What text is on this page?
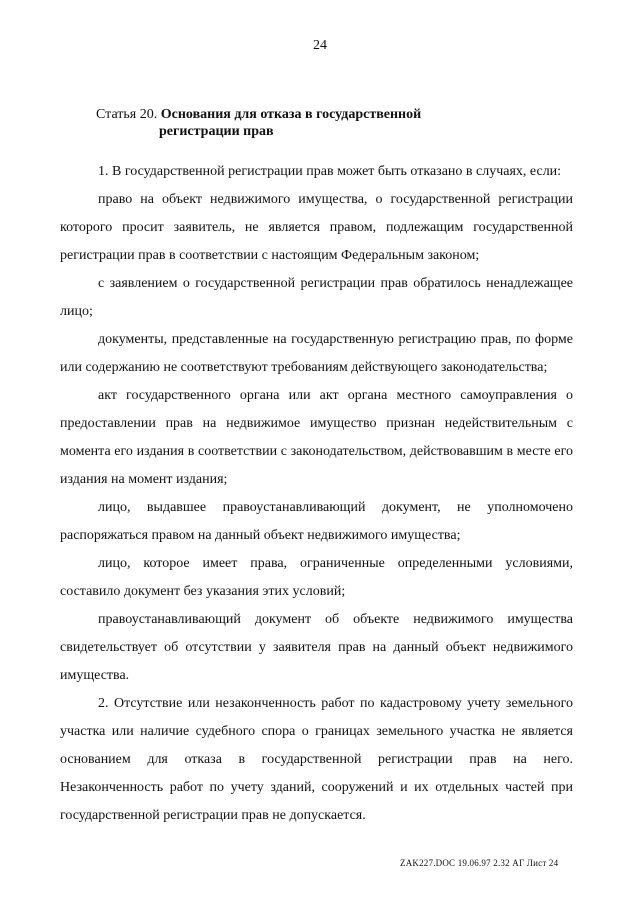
24
Статья 20. Основания для отказа в государственной
регистрации прав

1. В государственной регистрации прав может быть отказано в случаях, если:

право на объект недвижимого имущества, о государственной регистрации которого просит заявитель, не является правом, подлежащим государственной регистрации прав в соответствии с настоящим Федеральным законом;

с заявлением о государственной регистрации прав обратилось ненадлежащее лицо;

документы, представленные на государственную регистрацию прав, по форме или содержанию не соответствуют требованиям действующего законодательства;

акт государственного органа или акт органа местного самоуправления о предоставлении прав на недвижимое имущество признан недействительным с момента его издания в соответствии с законодательством, действовавшим в месте его издания на момент издания;

лицо, выдавшее правоустанавливающий документ, не уполномочено распоряжаться правом на данный объект недвижимого имущества;

лицо, которое имеет права, ограниченные определенными условиями, составило документ без указания этих условий;

правоустанавливающий документ об объекте недвижимого имущества свидетельствует об отсутствии у заявителя прав на данный объект недвижимого имущества.

2. Отсутствие или незаконченность работ по кадастровому учету земельного участка или наличие судебного спора о границах земельного участка не является основанием для отказа в государственной регистрации прав на него. Незаконченность работ по учету зданий, сооружений и их отдельных частей при государственной регистрации прав не допускается.

ZAK227.DOC 19.06.97 2.32 АГ Лист 24
